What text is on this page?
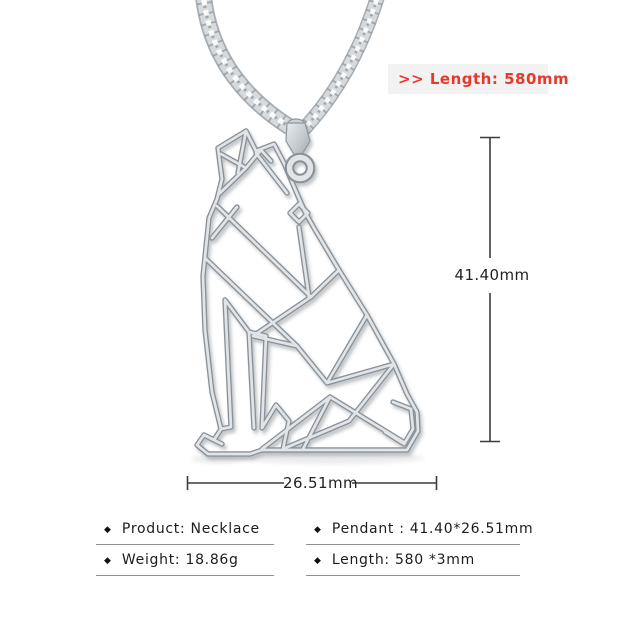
>> Length: 580mm
41.40mm
26.51mm
◆ Product: Necklace
◆ Weight: 18.86g
◆ Pendant : 41.40*26.51mm
◆ Length: 580 *3mm
